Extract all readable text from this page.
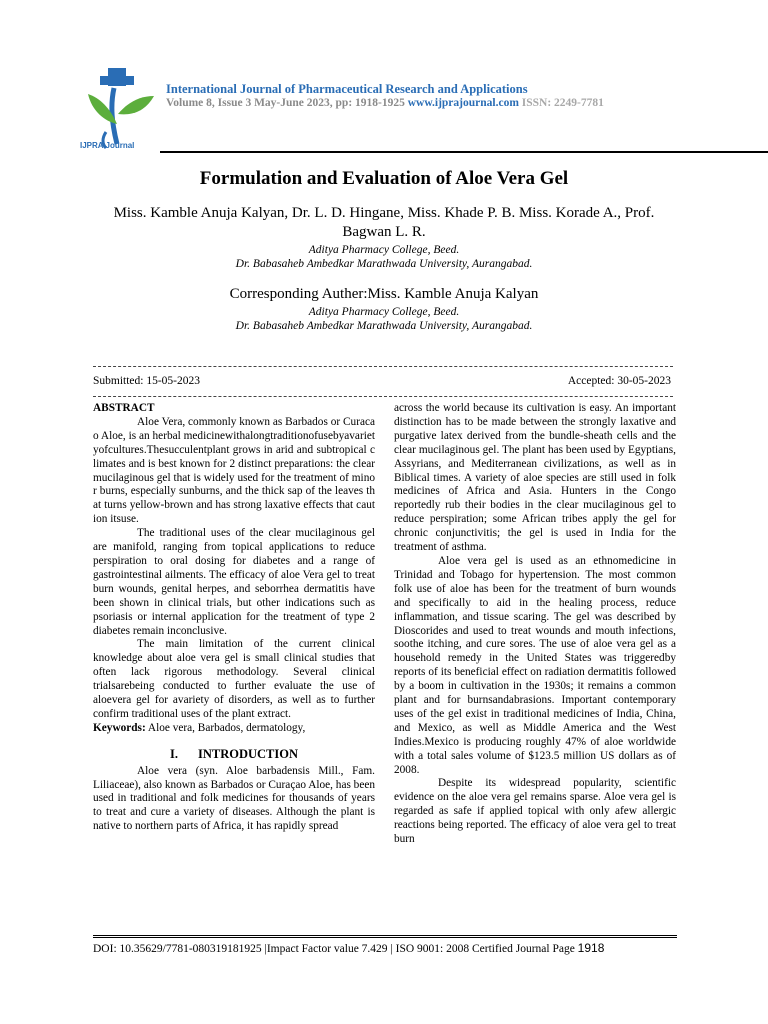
IJPRA Journal
International Journal of Pharmaceutical Research and Applications
Volume 8, Issue 3 May-June 2023, pp: 1918-1925 www.ijprajournal.com ISSN: 2249-7781
Formulation and Evaluation of Aloe Vera Gel
Miss. Kamble Anuja Kalyan, Dr. L. D. Hingane, Miss. Khade P. B. Miss. Korade A., Prof. Bagwan L. R.
Aditya Pharmacy College, Beed.
Dr. Babasaheb Ambedkar Marathwada University, Aurangabad.
Corresponding Auther:Miss. Kamble Anuja Kalyan
Aditya Pharmacy College, Beed.
Dr. Babasaheb Ambedkar Marathwada University, Aurangabad.
Submitted: 15-05-2023	Accepted: 30-05-2023

ABSTRACT

Aloe Vera, commonly known as Barbados or Curacao Aloe, is an herbal medicinewithalongtraditionofusebyavarietyofcultures.Thesucculentplant grows in arid and subtropical climates and is best known for 2 distinct preparations: the clear mucilaginous gel that is widely used for the treatment of minor burns, especially sunburns, and the thick sap of the leaves that turns yellow-brown and has strong laxative effects that caution itsuse.

The traditional uses of the clear mucilaginous gel are manifold, ranging from topical applications to reduce perspiration to oral dosing for diabetes and a range of gastrointestinal ailments. The efficacy of aloe Vera gel to treat burn wounds, genital herpes, and seborrhea dermatitis have been shown in clinical trials, but other indications such as psoriasis or internal application for the treatment of type 2 diabetes remain inconclusive.

The main limitation of the current clinical knowledge about aloe vera gel is small clinical studies that often lack rigorous methodology. Several clinical trialsarebeing conducted to further evaluate the use of aloevera gel for avariety of disorders, as well as to further confirm traditional uses of the plant extract.

Keywords: Aloe vera, Barbados, dermatology,

I. INTRODUCTION

Aloe vera (syn. Aloe barbadensis Mill., Fam. Liliaceae), also known as Barbados or Curaçao Aloe, has been used in traditional and folk medicines for thousands of years to treat and cure a variety of diseases. Although the plant is native to northern parts of Africa, it has rapidly spread

across the world because its cultivation is easy. An important distinction has to be made between the strongly laxative and purgative latex derived from the bundle-sheath cells and the clear mucilaginous gel. The plant has been used by Egyptians, Assyrians, and Mediterranean civilizations, as well as in Biblical times. A variety of aloe species are still used in folk medicines of Africa and Asia. Hunters in the Congo reportedly rub their bodies in the clear mucilaginous gel to reduce perspiration; some African tribes apply the gel for chronic conjunctivitis; the gel is used in India for the treatment of asthma.

Aloe vera gel is used as an ethnomedicine in Trinidad and Tobago for hypertension. The most common folk use of aloe has been for the treatment of burn wounds and specifically to aid in the healing process, reduce inflammation, and tissue scaring. The gel was described by Dioscorides and used to treat wounds and mouth infections, soothe itching, and cure sores. The use of aloe vera gel as a household remedy in the United States was triggeredby reports of its beneficial effect on radiation dermatitis followed by a boom in cultivation in the 1930s; it remains a common plant and for burnsandabrasions. Important contemporary uses of the gel exist in traditional medicines of India, China, and Mexico, as well as Middle America and the West Indies.Mexico is producing roughly 47% of aloe worldwide with a total sales volume of $123.5 million US dollars as of 2008.

Despite its widespread popularity, scientific evidence on the aloe vera gel remains sparse. Aloe vera gel is regarded as safe if applied topical with only afew allergic reactions being reported. The efficacy of aloe vera gel to treat burn

DOI: 10.35629/7781-080319181925 |Impact Factor value 7.429 | ISO 9001: 2008 Certified Journal Page 1918
